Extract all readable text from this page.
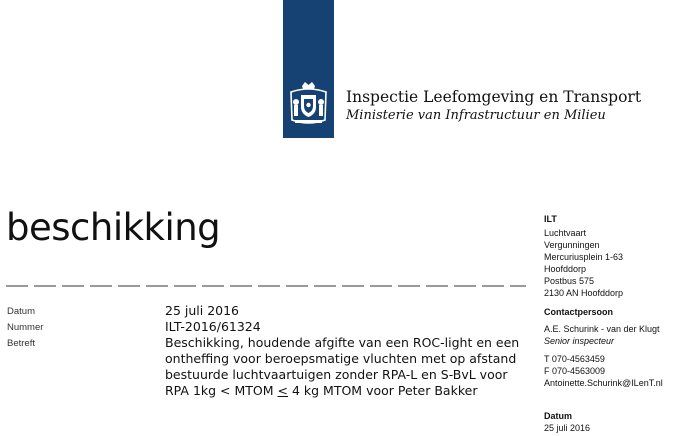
Inspectie Leefomgeving en Transport
Ministerie van Infrastructuur en Milieu
beschikking
Datum	25 juli 2016
Nummer	ILT-2016/61324
Betreft	Beschikking, houdende afgifte van een ROC-light en een
ontheffing voor beroepsmatige vluchten met op afstand
bestuurde luchtvaartuigen zonder RPA-L en S-BvL voor
RPA 1kg < MTOM ≤ 4 kg MTOM voor Peter Bakker
ILT
Luchtvaart
Vergunningen
Mercuriusplein 1-63
Hoofddorp
Postbus 575
2130 AN Hoofddorp
Contactpersoon
A.E. Schurink - van der Klugt
Senior inspecteur
T 070-4563459
F 070-4563009
Antoinette.Schurink@ILenT.nl
Datum
25 juli 2016
